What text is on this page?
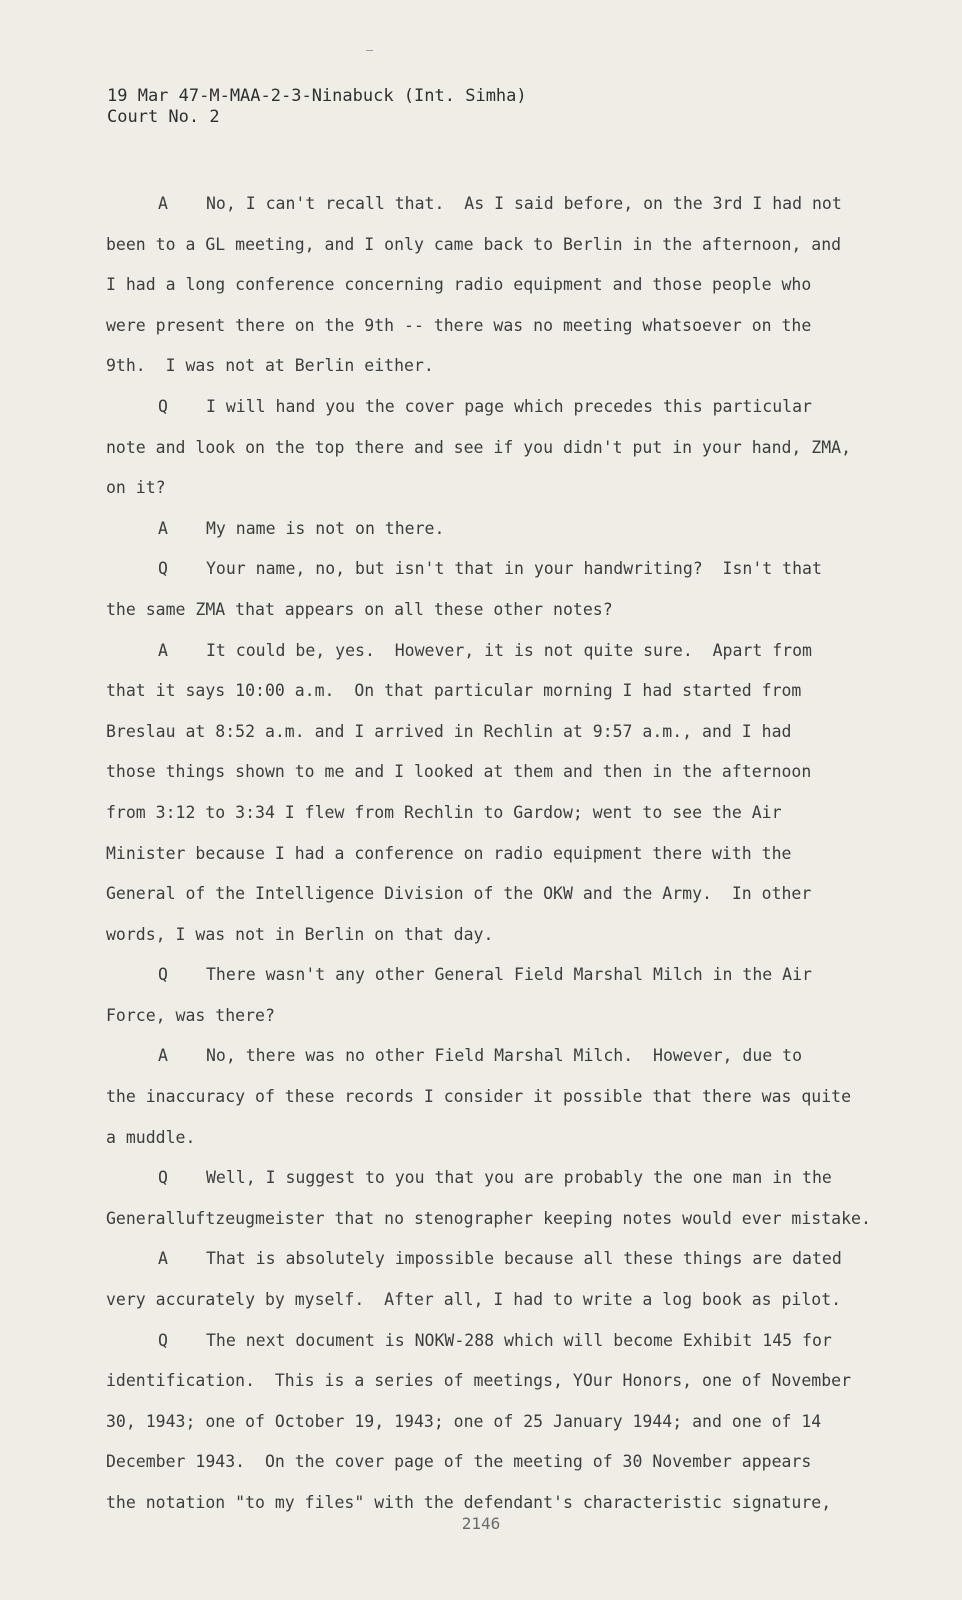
19 Mar 47-M-MAA-2-3-Ninabuck (Int. Simha)
Court No. 2
A No, I can't recall that.  As I said before, on the 3rd I had not
been to a GL meeting, and I only came back to Berlin in the afternoon, and
I had a long conference concerning radio equipment and those people who
were present there on the 9th -- there was no meeting whatsoever on the
9th.  I was not at Berlin either.
Q I will hand you the cover page which precedes this particular
note and look on the top there and see if you didn't put in your hand, ZMA,
on it?
A My name is not on there.
Q Your name, no, but isn't that in your handwriting?  Isn't that
the same ZMA that appears on all these other notes?
A It could be, yes.  However, it is not quite sure.  Apart from
that it says 10:00 a.m.  On that particular morning I had started from
Breslau at 8:52 a.m. and I arrived in Rechlin at 9:57 a.m., and I had
those things shown to me and I looked at them and then in the afternoon
from 3:12 to 3:34 I flew from Rechlin to Gardow; went to see the Air
Minister because I had a conference on radio equipment there with the
General of the Intelligence Division of the OKW and the Army.  In other
words, I was not in Berlin on that day.
Q There wasn't any other General Field Marshal Milch in the Air
Force, was there?
A No, there was no other Field Marshal Milch.  However, due to
the inaccuracy of these records I consider it possible that there was quite
a muddle.
Q Well, I suggest to you that you are probably the one man in the
Generalluftzeugmeister that no stenographer keeping notes would ever mistake.
A That is absolutely impossible because all these things are dated
very accurately by myself.  After all, I had to write a log book as pilot.
Q The next document is NOKW-288 which will become Exhibit 145 for
identification.  This is a series of meetings, YOur Honors, one of November
30, 1943; one of October 19, 1943; one of 25 January 1944; and one of 14
December 1943.  On the cover page of the meeting of 30 November appears
the notation "to my files" with the defendant's characteristic signature,
2146
